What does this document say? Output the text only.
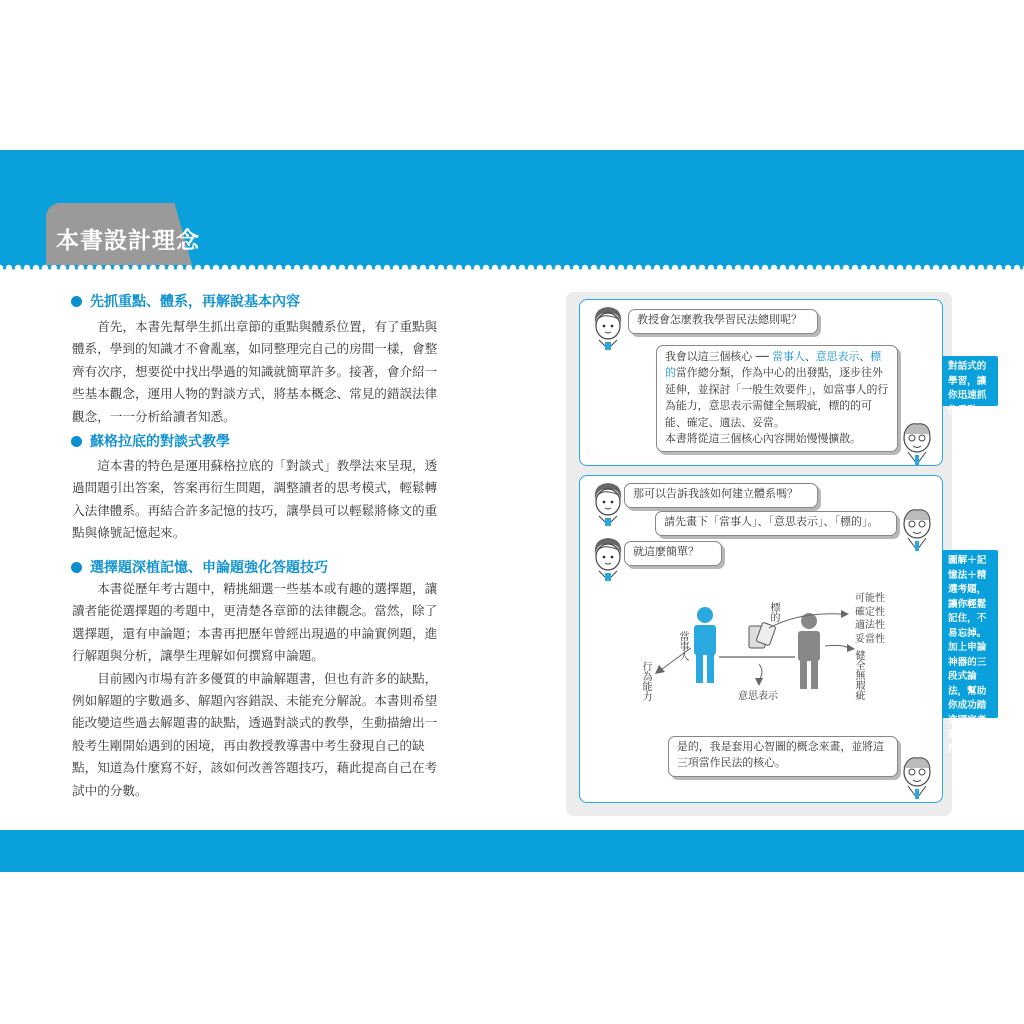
本書設計理念
先抓重點、體系，再解說基本內容

首先，本書先幫學生抓出章節的重點與體系位置，有了重點與體系，學到的知識才不會亂塞，如同整理完自己的房間一樣，會整齊有次序，想要從中找出學過的知識就簡單許多。接著，會介紹一些基本觀念，運用人物的對談方式，將基本概念、常見的錯誤法律觀念，一一分析給讀者知悉。

蘇格拉底的對談式教學

這本書的特色是運用蘇格拉底的「對談式」教學法來呈現，透過問題引出答案，答案再衍生問題，調整讀者的思考模式，輕鬆轉入法律體系。再結合許多記憶的技巧，讓學員可以輕鬆將條文的重點與條號記憶起來。

選擇題深植記憶、申論題強化答題技巧

本書從歷年考古題中，精挑細選一些基本或有趣的選擇題，讓讀者能從選擇題的考題中，更清楚各章節的法律觀念。當然，除了選擇題，還有申論題；本書再把歷年曾經出現過的申論實例題，進行解題與分析，讓學生理解如何撰寫申論題。

目前國內市場有許多優質的申論解題書，但也有許多的缺點，例如解題的字數過多、解題內容錯誤、未能充分解說。本書則希望能改變這些過去解題書的缺點，透過對談式的教學，生動描繪出一般考生剛開始遇到的困境，再由教授教導書中考生發現自己的缺點，知道為什麼寫不好，該如何改善答題技巧，藉此提高自己在考試中的分數。

教授會怎麼教我學習民法總則呢？
我會以這三個核心 ── 當事人、意思表示、標的當作總分類，作為中心的出發點，逐步往外延伸，並探討「一般生效要件」，如當事人的行為能力，意思表示需健全無瑕疵，標的的可能、確定、適法、妥當。
本書將從這三個核心內容開始慢慢擴散。
對話式的學習，讓你迅速抓住重點
那可以告訴我該如何建立體系嗎？
請先畫下「當事人」、「意思表示」、「標的」。
就這麼簡單？
當事人
行為能力
標的
意思表示
可能性
確定性
適法性
妥當性
健全無瑕疵
是的，我是套用心智圖的概念來畫，並將這三項當作民法的核心。
圖解＋記憶法＋精選考題，讓你輕鬆記住，不易忘掉。加上申論神器的三段式論法，幫助你成功踏進國家考試的大門。
